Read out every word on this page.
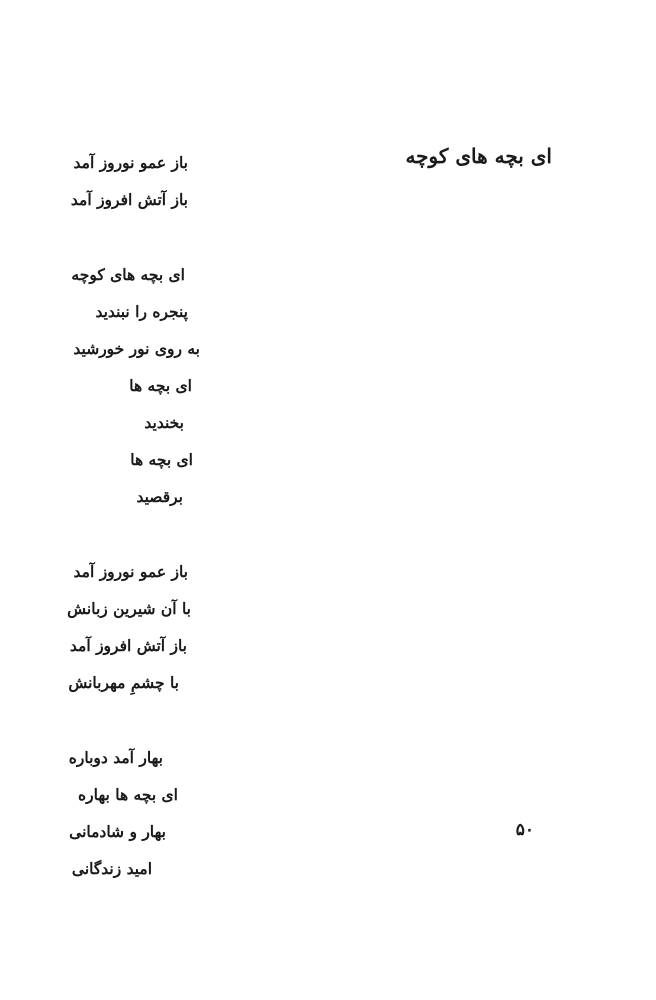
ای بچه های کوچه
باز عمو نوروز آمد
باز آتش افروز آمد
ای بچه های کوچه
پنجره را نبندید
به روی نور خورشید
ای بچه ها
بخندید
ای بچه ها
برقصید
باز عمو نوروز آمد
با آن شیرین زبانش
باز آتش افروز آمد
با چشمِ مهربانش
بهار آمد دوباره
ای بچه ها بهاره
بهار و شادمانی
امید زندگانی
۵۰
